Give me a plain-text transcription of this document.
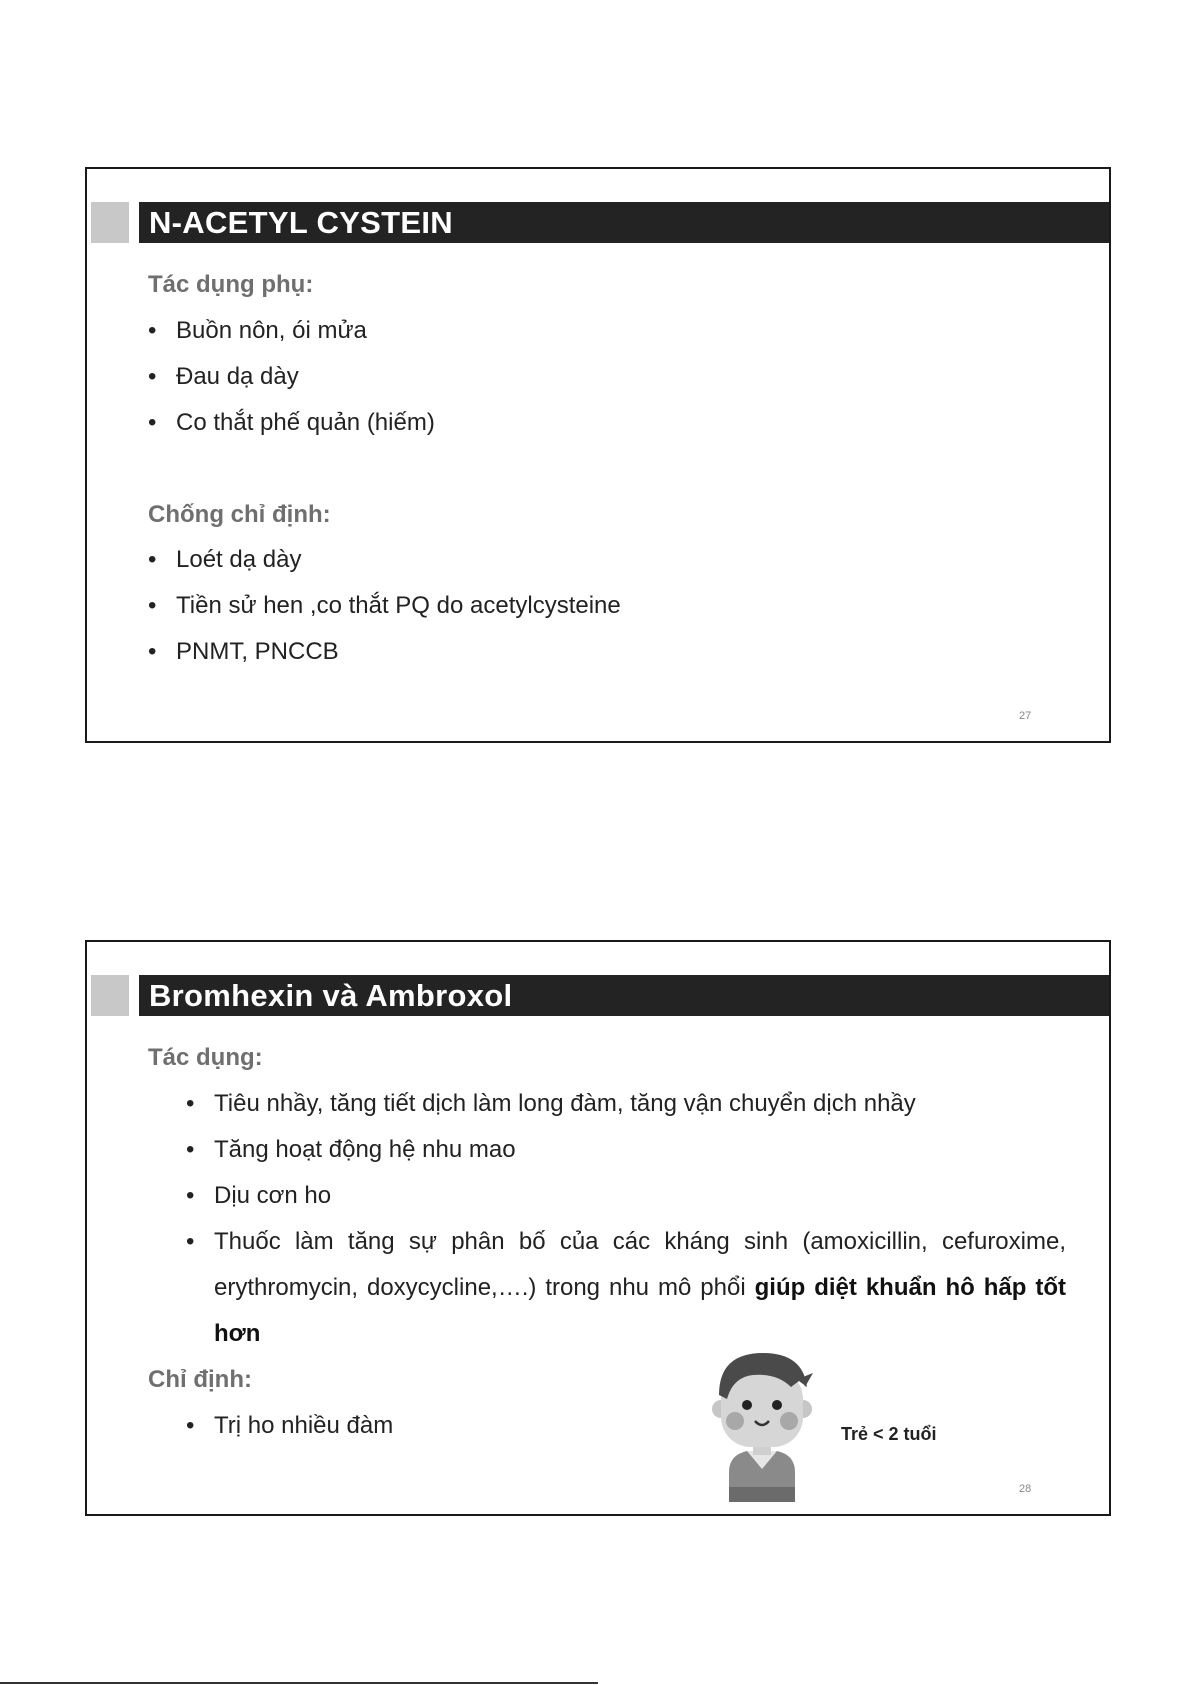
N-ACETYL CYSTEIN
Tác dụng phụ:
• Buồn nôn, ói mửa
• Đau dạ dày
• Co thắt phế quản (hiếm)
Chống chỉ định:
• Loét dạ dày
• Tiền sử hen ,co thắt PQ do acetylcysteine
• PNMT, PNCCB
27
Bromhexin và Ambroxol
Tác dụng:
• Tiêu nhầy, tăng tiết dịch làm long đàm, tăng vận chuyển dịch nhầy
• Tăng hoạt động hệ nhu mao
• Dịu cơn ho
• Thuốc làm tăng sự phân bố của các kháng sinh (amoxicillin, cefuroxime, erythromycin, doxycycline,….) trong nhu mô phổi giúp diệt khuẩn hô hấp tốt hơn
Chỉ định:
• Trị ho nhiều đàm	Trẻ < 2 tuổi
28
